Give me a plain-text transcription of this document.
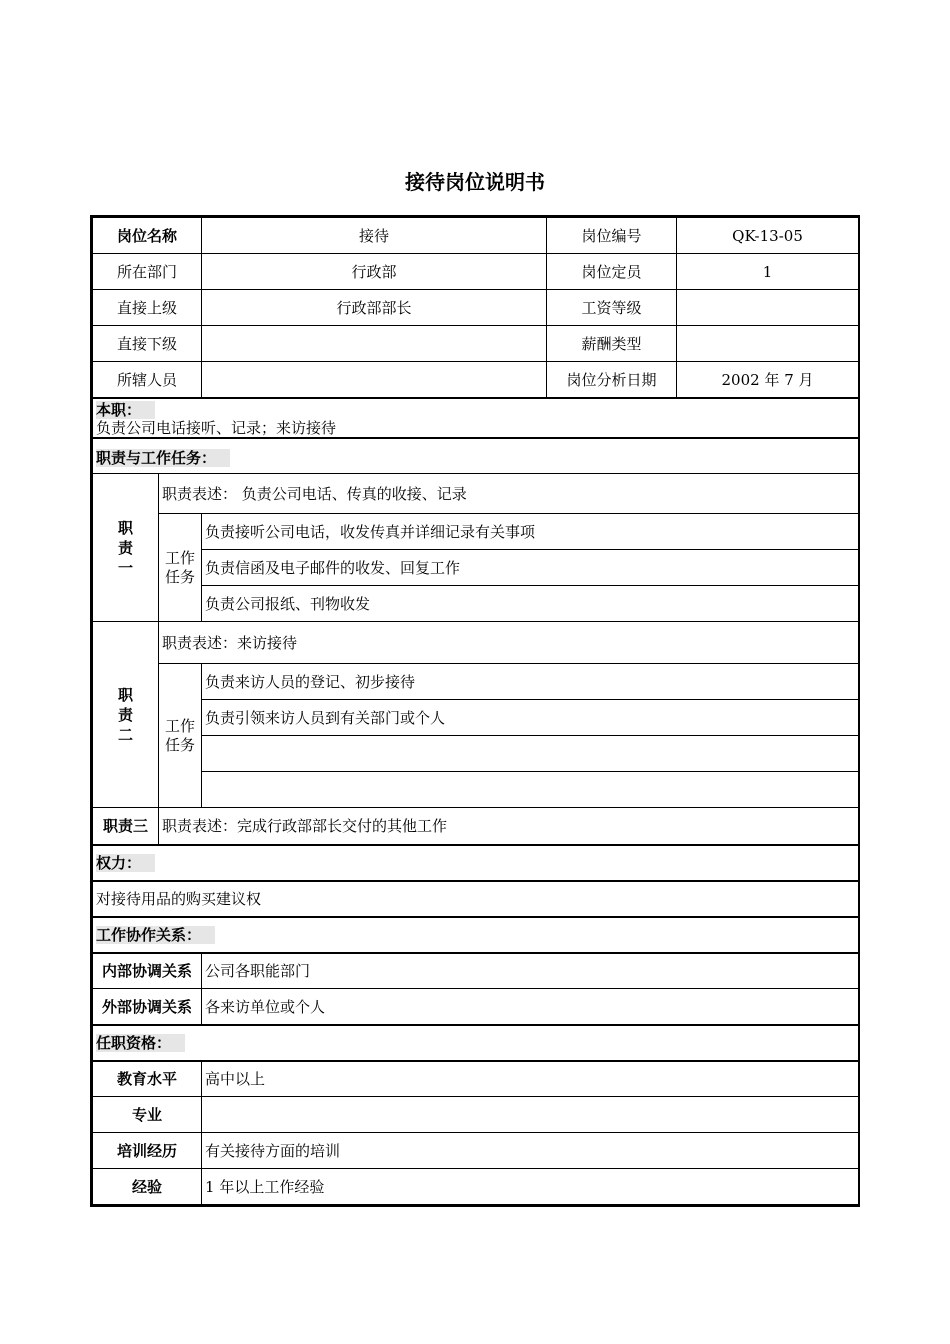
接待岗位说明书
岗位名称		接待	岗位编号	QK-13-05
所在部门		行政部	岗位定员	1
直接上级		行政部部长	工资等级	
直接下级			薪酬类型	
所辖人员			岗位分析日期	2002 年 7 月

本职：
负责公司电话接听、记录；来访接待				

职责与工作任务：				
职责一	职责表述： 负责公司电话、传真的收接、记录			
	工作任务	负责接听公司电话，收发传真并详细记录有关事项		
		负责信函及电子邮件的收发、回复工作		
		负责公司报纸、刊物收发		
职责二	职责表述：来访接待			
	工作任务	负责来访人员的登记、初步接待		
		负责引领来访人员到有关部门或个人		

职责三	职责表述：完成行政部部长交付的其他工作			
权力：				
对接待用品的购买建议权				
工作协作关系：				
内部协调关系		公司各职能部门		
外部协调关系		各来访单位或个人		
任职资格：				
教育水平		高中以上		
专业				
培训经历		有关接待方面的培训		
经验		1 年以上工作经验		
